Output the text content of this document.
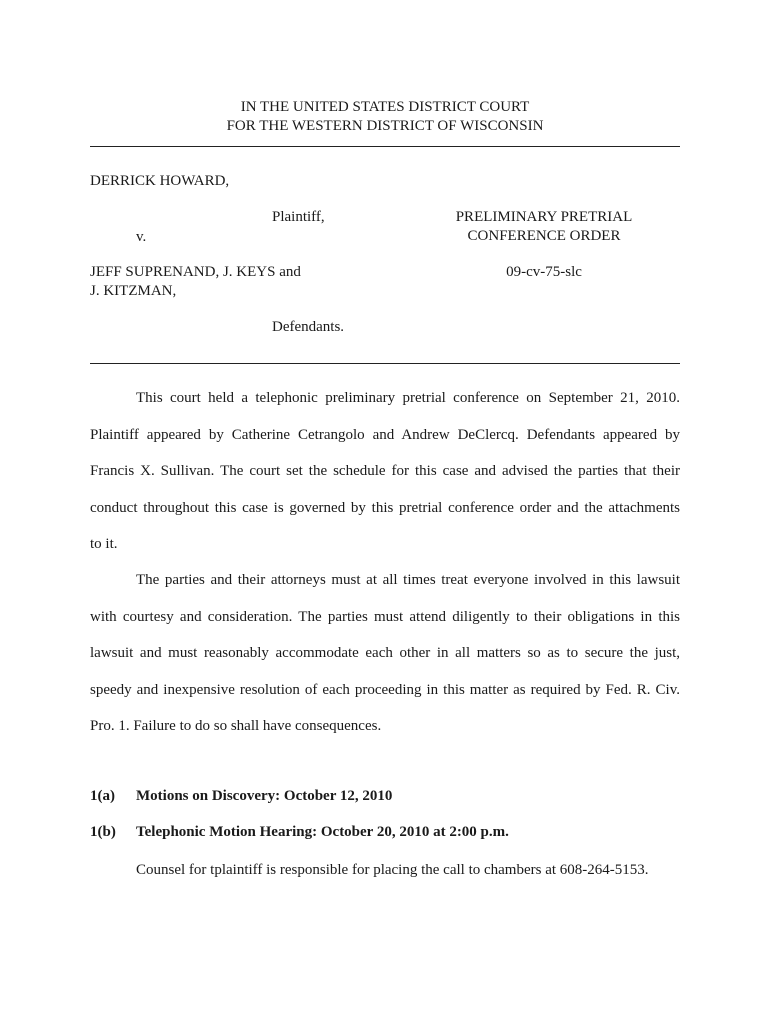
IN THE UNITED STATES DISTRICT COURT
FOR THE WESTERN DISTRICT OF WISCONSIN
DERRICK HOWARD,
Plaintiff,
v.
PRELIMINARY PRETRIAL
CONFERENCE ORDER
JEFF SUPRENAND, J. KEYS and
J. KITZMAN,
09-cv-75-slc
Defendants.
This court held a telephonic preliminary pretrial conference on September 21, 2010.
Plaintiff appeared by Catherine Cetrangolo and Andrew DeClercq. Defendants appeared by
Francis X. Sullivan. The court set the schedule for this case and advised the parties that their
conduct throughout this case is governed by this pretrial conference order and the attachments
to it.
The parties and their attorneys must at all times treat everyone involved in this lawsuit
with courtesy and consideration. The parties must attend diligently to their obligations in this
lawsuit and must reasonably accommodate each other in all matters so as to secure the just,
speedy and inexpensive resolution of each proceeding in this matter as required by Fed. R. Civ.
Pro. 1. Failure to do so shall have consequences.
1(a) Motions on Discovery: October 12, 2010
1(b) Telephonic Motion Hearing: October 20, 2010 at 2:00 p.m.
Counsel for tplaintiff is responsible for placing the call to chambers at 608-264-5153.
